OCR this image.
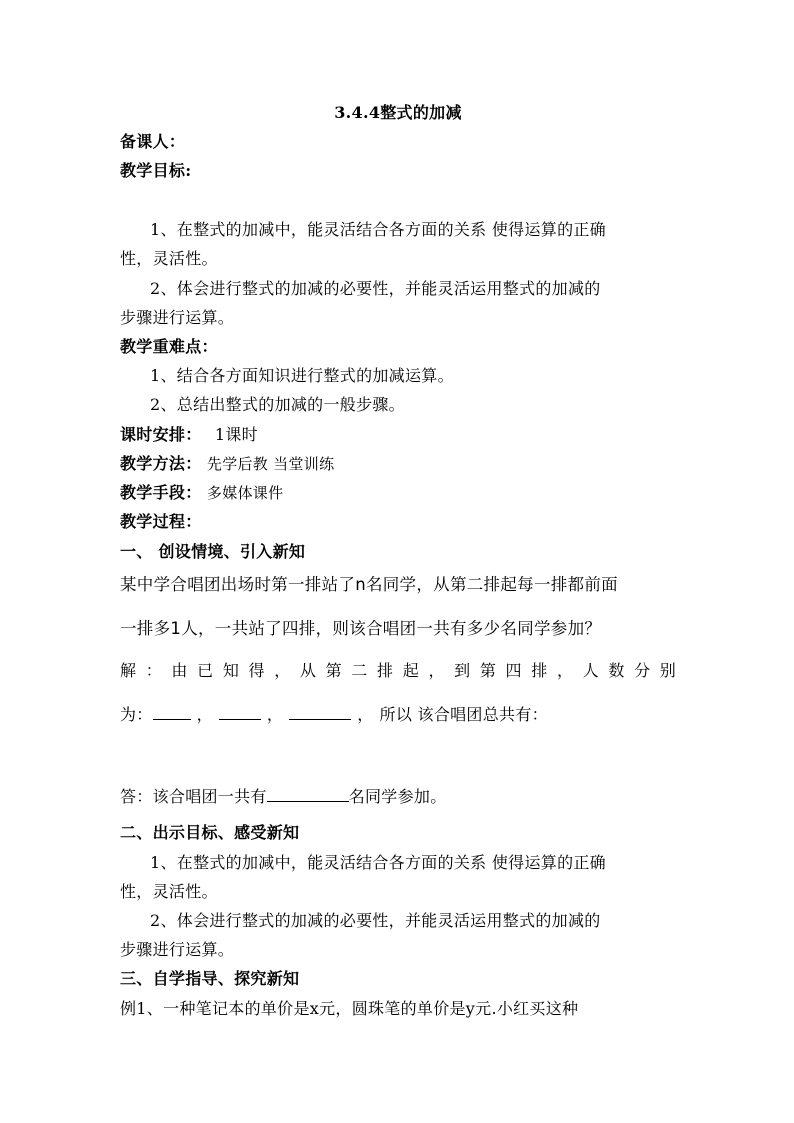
3.4.4整式的加减
备课人：
教学目标:
1、在整式的加减中，能灵活结合各方面的关系 使得运算的正确
性，灵活性。
2、体会进行整式的加减的必要性，并能灵活运用整式的加减的
步骤进行运算。
教学重难点：
1、结合各方面知识进行整式的加减运算。
2、总结出整式的加减的一般步骤。
课时安排： 1课时
教学方法： 先学后教 当堂训练
教学手段： 多媒体课件
教学过程：
一、 创设情境、引入新知
某中学合唱团出场时第一排站了n名同学，从第二排起每一排都前面
一排多1人，一共站了四排，则该合唱团一共有多少名同学参加？
解 ： 由 已 知 得 ， 从 第 二 排 起 ， 到 第 四 排 ， 人 数 分 别
为：	，	，	， 所以 该合唱团总共有：
答：该合唱团一共有	名同学参加。
二、出示目标、感受新知
1、在整式的加减中，能灵活结合各方面的关系 使得运算的正确
性，灵活性。
2、体会进行整式的加减的必要性，并能灵活运用整式的加减的
步骤进行运算。
三、自学指导、探究新知
例1、一种笔记本的单价是x元，圆珠笔的单价是y元.小红买这种
